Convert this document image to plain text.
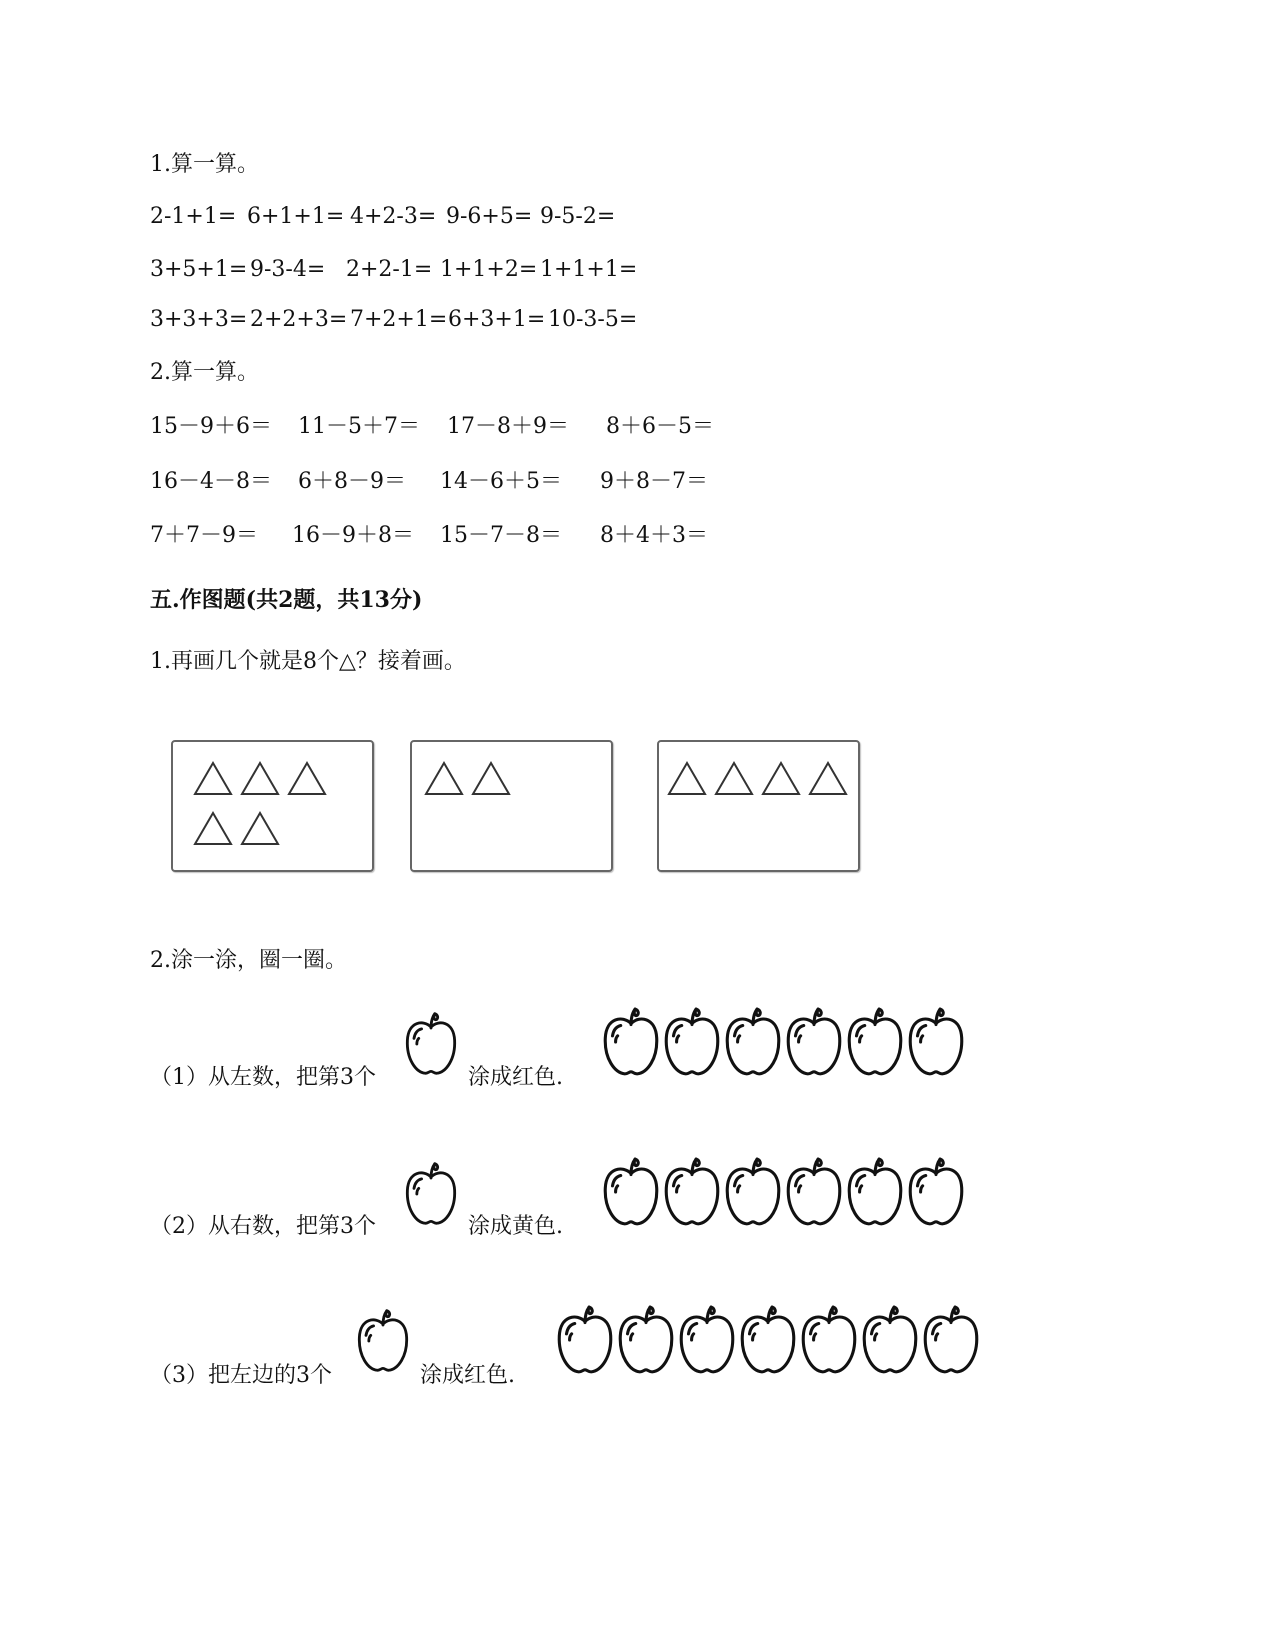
1.算一算。
2-1+1= 6+1+1= 4+2-3= 9-6+5= 9-5-2=
3+5+1= 9-3-4= 2+2-1= 1+1+2= 1+1+1=
3+3+3= 2+2+3= 7+2+1= 6+3+1= 10-3-5=
2.算一算。
15－9＋6＝ 11－5＋7＝ 17－8＋9＝ 8＋6－5＝
16－4－8＝ 6＋8－9＝ 14－6＋5＝ 9＋8－7＝
7＋7－9＝ 16－9＋8＝ 15－7－8＝ 8＋4＋3＝
五.作图题(共2题，共13分)
1.再画几个就是8个△？接着画。
2.涂一涂，圈一圈。
（1）从左数，把第3个	涂成红色.
（2）从右数，把第3个	涂成黄色.
（3）把左边的3个	涂成红色.
